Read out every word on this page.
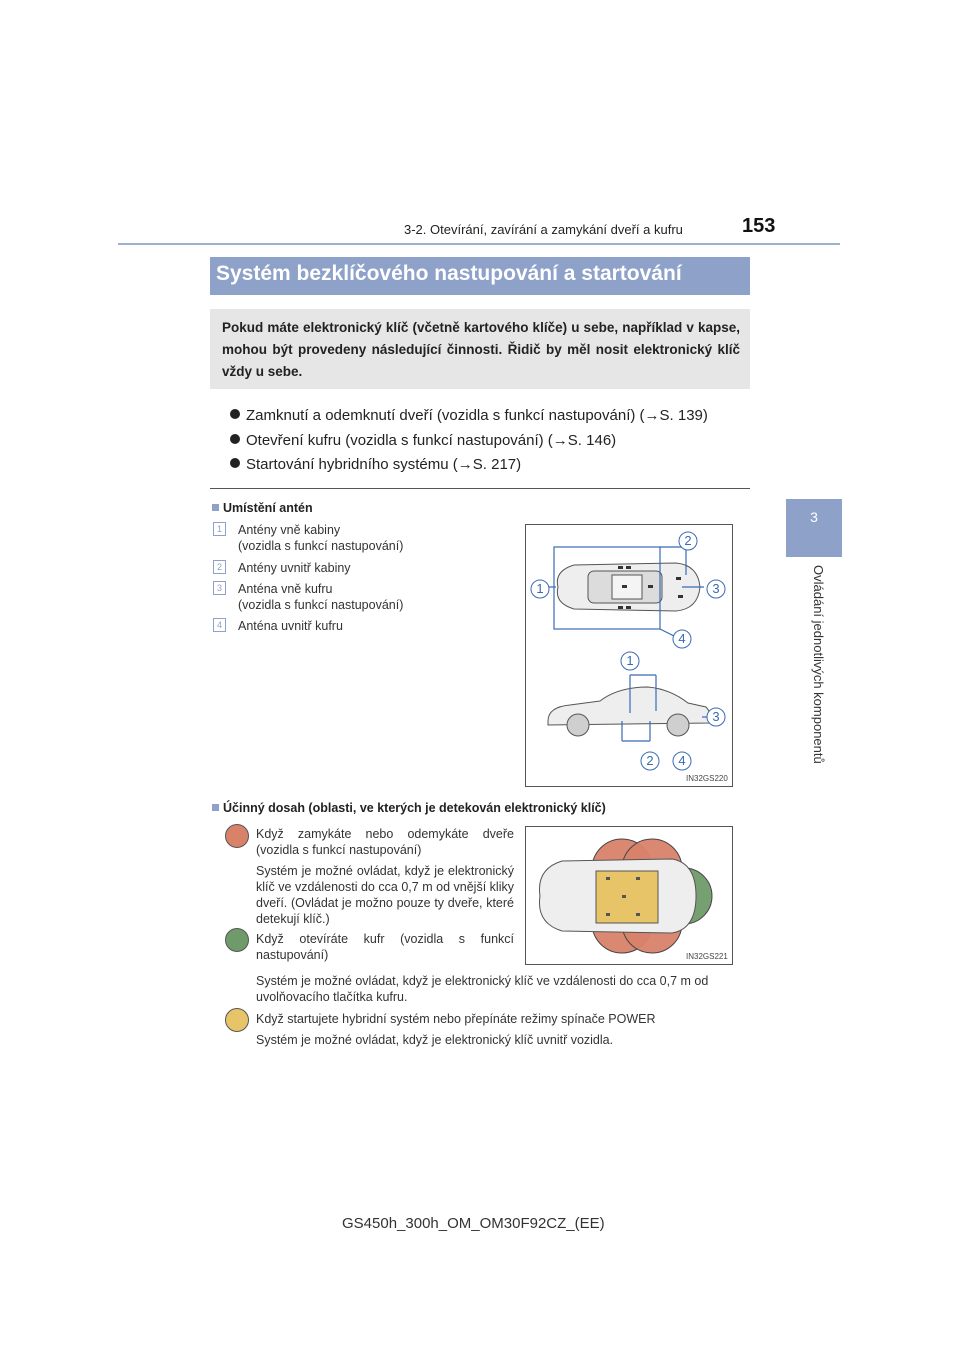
3-2. Otevírání, zavírání a zamykání dveří a kufru	153
3
Ovládání jednotlivých komponentů
Systém bezklíčového nastupování a startování
Pokud máte elektronický klíč (včetně kartového klíče) u sebe, například v kapse, mohou být provedeny následující činnosti. Řidič by měl nosit elektronický klíč vždy u sebe.
Zamknutí a odemknutí dveří (vozidla s funkcí nastupování) (→S. 139)
Otevření kufru (vozidla s funkcí nastupování) (→S. 146)
Startování hybridního systému (→S. 217)
Umístění antén
1	Antény vně kabiny
(vozidla s funkcí nastupování)
2	Antény uvnitř kabiny
3	Anténa vně kufru
(vozidla s funkcí nastupování)
4	Anténa uvnitř kufru
2
1	3
4
1
3
2 4
IN32GS220
Účinný dosah (oblasti, ve kterých je detekován elektronický klíč)
Když zamykáte nebo odemykáte dveře (vozidla s funkcí nastupování)
Systém je možné ovládat, když je elektronický klíč ve vzdálenosti do cca 0,7 m od vnější kliky dveří. (Ovládat je možno pouze ty dveře, které detekují klíč.)
Když otevíráte kufr (vozidla s funkcí nastupování)
Systém je možné ovládat, když je elektronický klíč ve vzdálenosti do cca 0,7 m od uvolňovacího tlačítka kufru.
Když startujete hybridní systém nebo přepínáte režimy spínače POWER
Systém je možné ovládat, když je elektronický klíč uvnitř vozidla.
IN32GS221
GS450h_300h_OM_OM30F92CZ_(EE)
